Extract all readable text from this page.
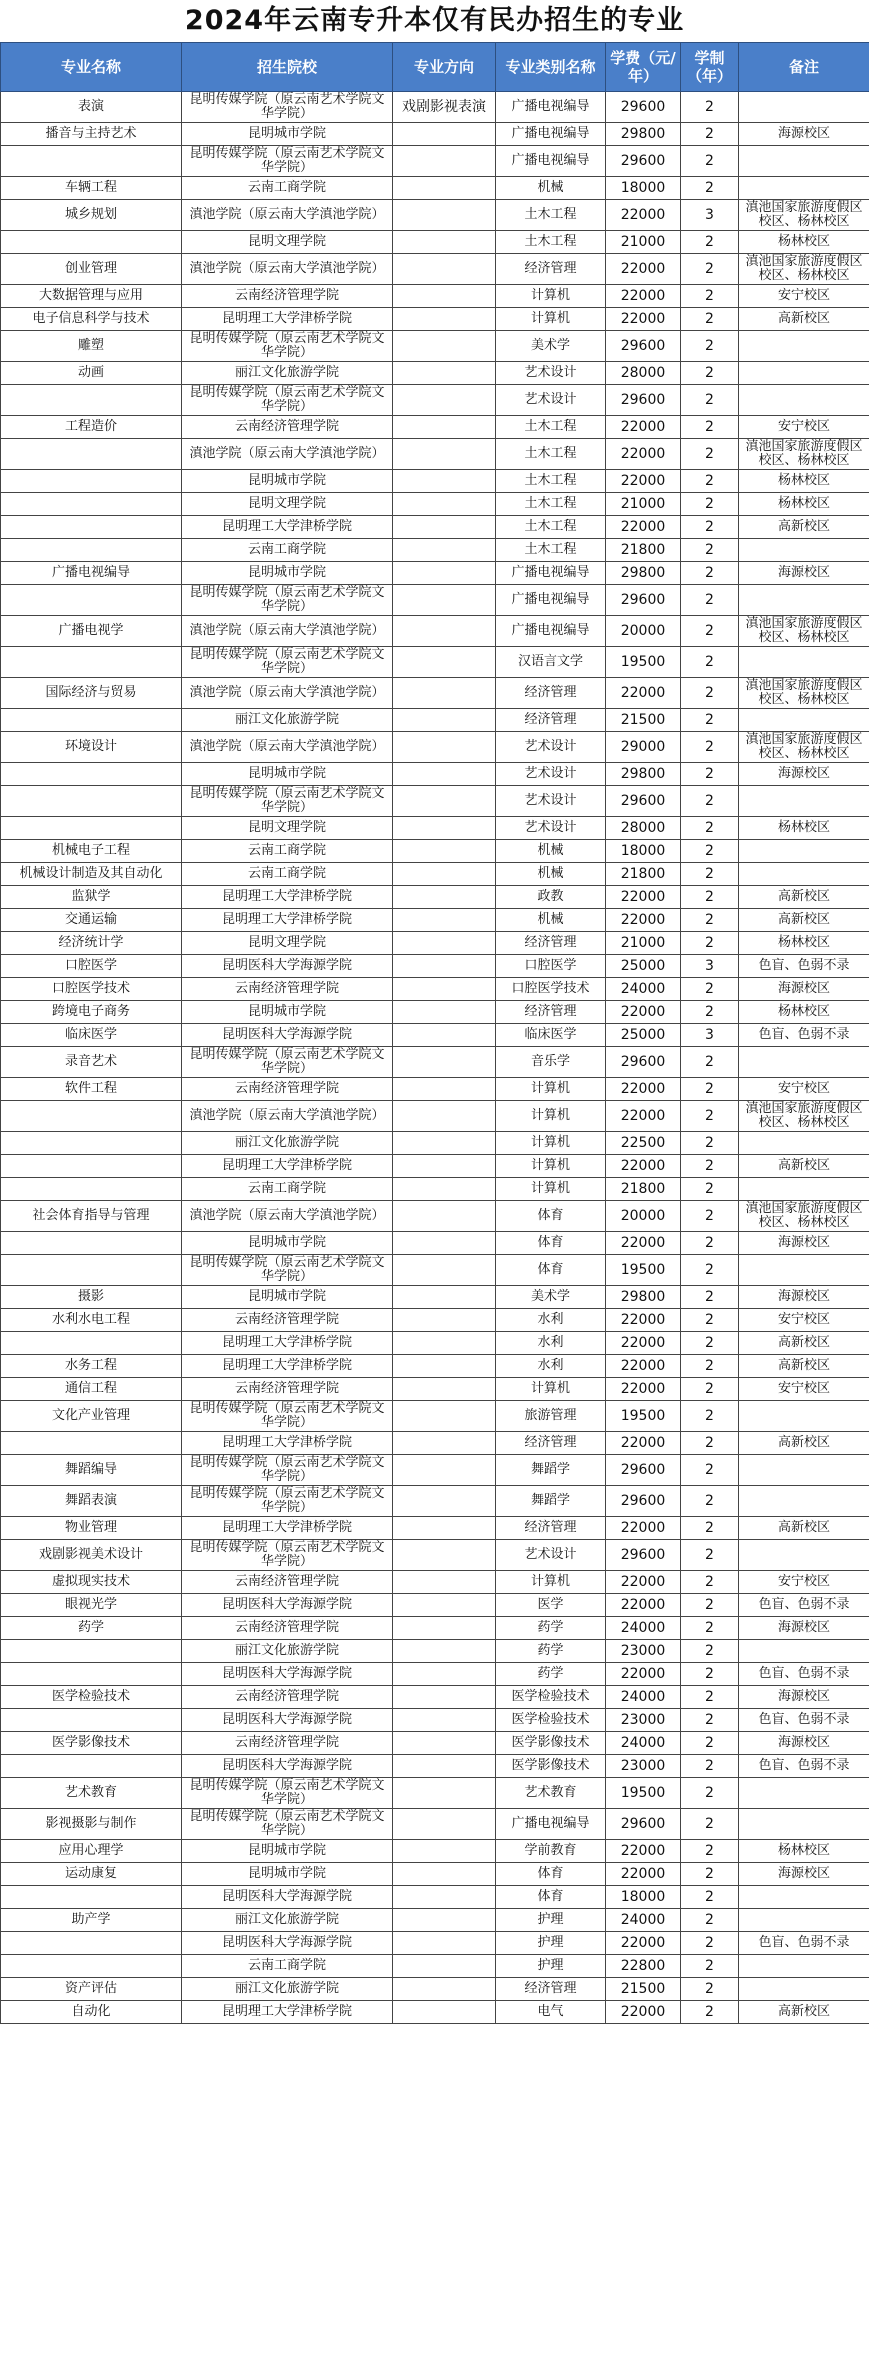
2024年云南专升本仅有民办招生的专业
专业名称	招生院校	专业方向	专业类别名称	学费（元/年）	学制（年）	备注
表演	昆明传媒学院（原云南艺术学院文华学院）	戏剧影视表演	广播电视编导	29600	2	
播音与主持艺术	昆明城市学院		广播电视编导	29800	2	海源校区
	昆明传媒学院（原云南艺术学院文华学院）		广播电视编导	29600	2	
车辆工程	云南工商学院		机械	18000	2	
城乡规划	滇池学院（原云南大学滇池学院）		土木工程	22000	3	滇池国家旅游度假区校区、杨林校区
	昆明文理学院		土木工程	21000	2	杨林校区
创业管理	滇池学院（原云南大学滇池学院）		经济管理	22000	2	滇池国家旅游度假区校区、杨林校区
大数据管理与应用	云南经济管理学院		计算机	22000	2	安宁校区
电子信息科学与技术	昆明理工大学津桥学院		计算机	22000	2	高新校区
雕塑	昆明传媒学院（原云南艺术学院文华学院）		美术学	29600	2	
动画	丽江文化旅游学院		艺术设计	28000	2	
	昆明传媒学院（原云南艺术学院文华学院）		艺术设计	29600	2	
工程造价	云南经济管理学院		土木工程	22000	2	安宁校区
	滇池学院（原云南大学滇池学院）		土木工程	22000	2	滇池国家旅游度假区校区、杨林校区
	昆明城市学院		土木工程	22000	2	杨林校区
	昆明文理学院		土木工程	21000	2	杨林校区
	昆明理工大学津桥学院		土木工程	22000	2	高新校区
	云南工商学院		土木工程	21800	2	
广播电视编导	昆明城市学院		广播电视编导	29800	2	海源校区
	昆明传媒学院（原云南艺术学院文华学院）		广播电视编导	29600	2	
广播电视学	滇池学院（原云南大学滇池学院）		广播电视编导	20000	2	滇池国家旅游度假区校区、杨林校区
	昆明传媒学院（原云南艺术学院文华学院）		汉语言文学	19500	2	
国际经济与贸易	滇池学院（原云南大学滇池学院）		经济管理	22000	2	滇池国家旅游度假区校区、杨林校区
	丽江文化旅游学院		经济管理	21500	2	
环境设计	滇池学院（原云南大学滇池学院）		艺术设计	29000	2	滇池国家旅游度假区校区、杨林校区
	昆明城市学院		艺术设计	29800	2	海源校区
	昆明传媒学院（原云南艺术学院文华学院）		艺术设计	29600	2	
	昆明文理学院		艺术设计	28000	2	杨林校区
机械电子工程	云南工商学院		机械	18000	2	
机械设计制造及其自动化	云南工商学院		机械	21800	2	
监狱学	昆明理工大学津桥学院		政教	22000	2	高新校区
交通运输	昆明理工大学津桥学院		机械	22000	2	高新校区
经济统计学	昆明文理学院		经济管理	21000	2	杨林校区
口腔医学	昆明医科大学海源学院		口腔医学	25000	3	色盲、色弱不录
口腔医学技术	云南经济管理学院		口腔医学技术	24000	2	海源校区
跨境电子商务	昆明城市学院		经济管理	22000	2	杨林校区
临床医学	昆明医科大学海源学院		临床医学	25000	3	色盲、色弱不录
录音艺术	昆明传媒学院（原云南艺术学院文华学院）		音乐学	29600	2	
软件工程	云南经济管理学院		计算机	22000	2	安宁校区
	滇池学院（原云南大学滇池学院）		计算机	22000	2	滇池国家旅游度假区校区、杨林校区
	丽江文化旅游学院		计算机	22500	2	
	昆明理工大学津桥学院		计算机	22000	2	高新校区
	云南工商学院		计算机	21800	2	
社会体育指导与管理	滇池学院（原云南大学滇池学院）		体育	20000	2	滇池国家旅游度假区校区、杨林校区
	昆明城市学院		体育	22000	2	海源校区
	昆明传媒学院（原云南艺术学院文华学院）		体育	19500	2	
摄影	昆明城市学院		美术学	29800	2	海源校区
水利水电工程	云南经济管理学院		水利	22000	2	安宁校区
	昆明理工大学津桥学院		水利	22000	2	高新校区
水务工程	昆明理工大学津桥学院		水利	22000	2	高新校区
通信工程	云南经济管理学院		计算机	22000	2	安宁校区
文化产业管理	昆明传媒学院（原云南艺术学院文华学院）		旅游管理	19500	2	
	昆明理工大学津桥学院		经济管理	22000	2	高新校区
舞蹈编导	昆明传媒学院（原云南艺术学院文华学院）		舞蹈学	29600	2	
舞蹈表演	昆明传媒学院（原云南艺术学院文华学院）		舞蹈学	29600	2	
物业管理	昆明理工大学津桥学院		经济管理	22000	2	高新校区
戏剧影视美术设计	昆明传媒学院（原云南艺术学院文华学院）		艺术设计	29600	2	
虚拟现实技术	云南经济管理学院		计算机	22000	2	安宁校区
眼视光学	昆明医科大学海源学院		医学	22000	2	色盲、色弱不录
药学	云南经济管理学院		药学	24000	2	海源校区
	丽江文化旅游学院		药学	23000	2	
	昆明医科大学海源学院		药学	22000	2	色盲、色弱不录
医学检验技术	云南经济管理学院		医学检验技术	24000	2	海源校区
	昆明医科大学海源学院		医学检验技术	23000	2	色盲、色弱不录
医学影像技术	云南经济管理学院		医学影像技术	24000	2	海源校区
	昆明医科大学海源学院		医学影像技术	23000	2	色盲、色弱不录
艺术教育	昆明传媒学院（原云南艺术学院文华学院）		艺术教育	19500	2	
影视摄影与制作	昆明传媒学院（原云南艺术学院文华学院）		广播电视编导	29600	2	
应用心理学	昆明城市学院		学前教育	22000	2	杨林校区
运动康复	昆明城市学院		体育	22000	2	海源校区
	昆明医科大学海源学院		体育	18000	2	
助产学	丽江文化旅游学院		护理	24000	2	
	昆明医科大学海源学院		护理	22000	2	色盲、色弱不录
	云南工商学院		护理	22800	2	
资产评估	丽江文化旅游学院		经济管理	21500	2	
自动化	昆明理工大学津桥学院		电气	22000	2	高新校区
